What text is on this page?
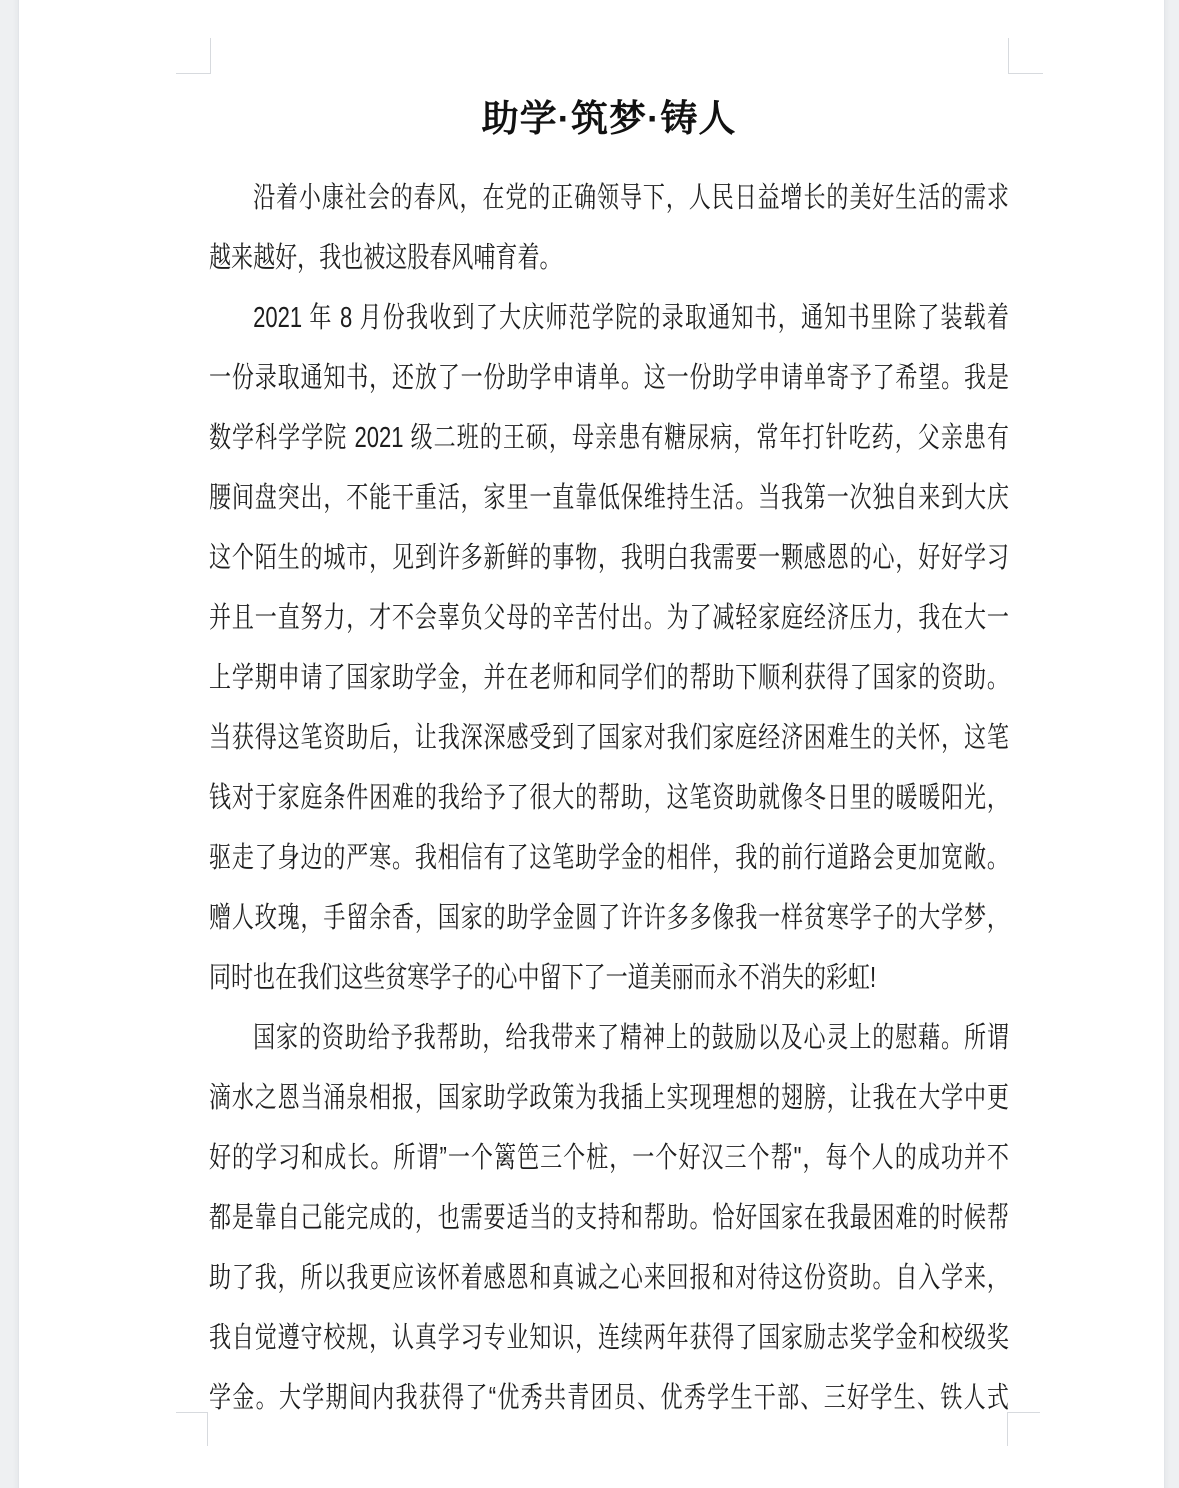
助学·筑梦·铸人
沿着小康社会的春风，在党的正确领导下，人民日益增长的美好生活的需求
越来越好，我也被这股春风哺育着。
2021 年 8 月份我收到了大庆师范学院的录取通知书，通知书里除了装载着
一份录取通知书，还放了一份助学申请单。这一份助学申请单寄予了希望。我是
数学科学学院 2021 级二班的王硕，母亲患有糖尿病，常年打针吃药，父亲患有
腰间盘突出，不能干重活，家里一直靠低保维持生活。当我第一次独自来到大庆
这个陌生的城市，见到许多新鲜的事物，我明白我需要一颗感恩的心，好好学习
并且一直努力，才不会辜负父母的辛苦付出。为了减轻家庭经济压力，我在大一
上学期申请了国家助学金，并在老师和同学们的帮助下顺利获得了国家的资助。
当获得这笔资助后，让我深深感受到了国家对我们家庭经济困难生的关怀，这笔
钱对于家庭条件困难的我给予了很大的帮助，这笔资助就像冬日里的暖暖阳光，
驱走了身边的严寒。我相信有了这笔助学金的相伴，我的前行道路会更加宽敞。
赠人玫瑰，手留余香，国家的助学金圆了许许多多像我一样贫寒学子的大学梦，
同时也在我们这些贫寒学子的心中留下了一道美丽而永不消失的彩虹!
国家的资助给予我帮助，给我带来了精神上的鼓励以及心灵上的慰藉。所谓
滴水之恩当涌泉相报，国家助学政策为我插上实现理想的翅膀，让我在大学中更
好的学习和成长。所谓”一个篱笆三个桩，一个好汉三个帮"，每个人的成功并不
都是靠自己能完成的，也需要适当的支持和帮助。恰好国家在我最困难的时候帮
助了我，所以我更应该怀着感恩和真诚之心来回报和对待这份资助。自入学来，
我自觉遵守校规，认真学习专业知识，连续两年获得了国家励志奖学金和校级奖
学金。大学期间内我获得了“优秀共青团员、优秀学生干部、三好学生、铁人式
